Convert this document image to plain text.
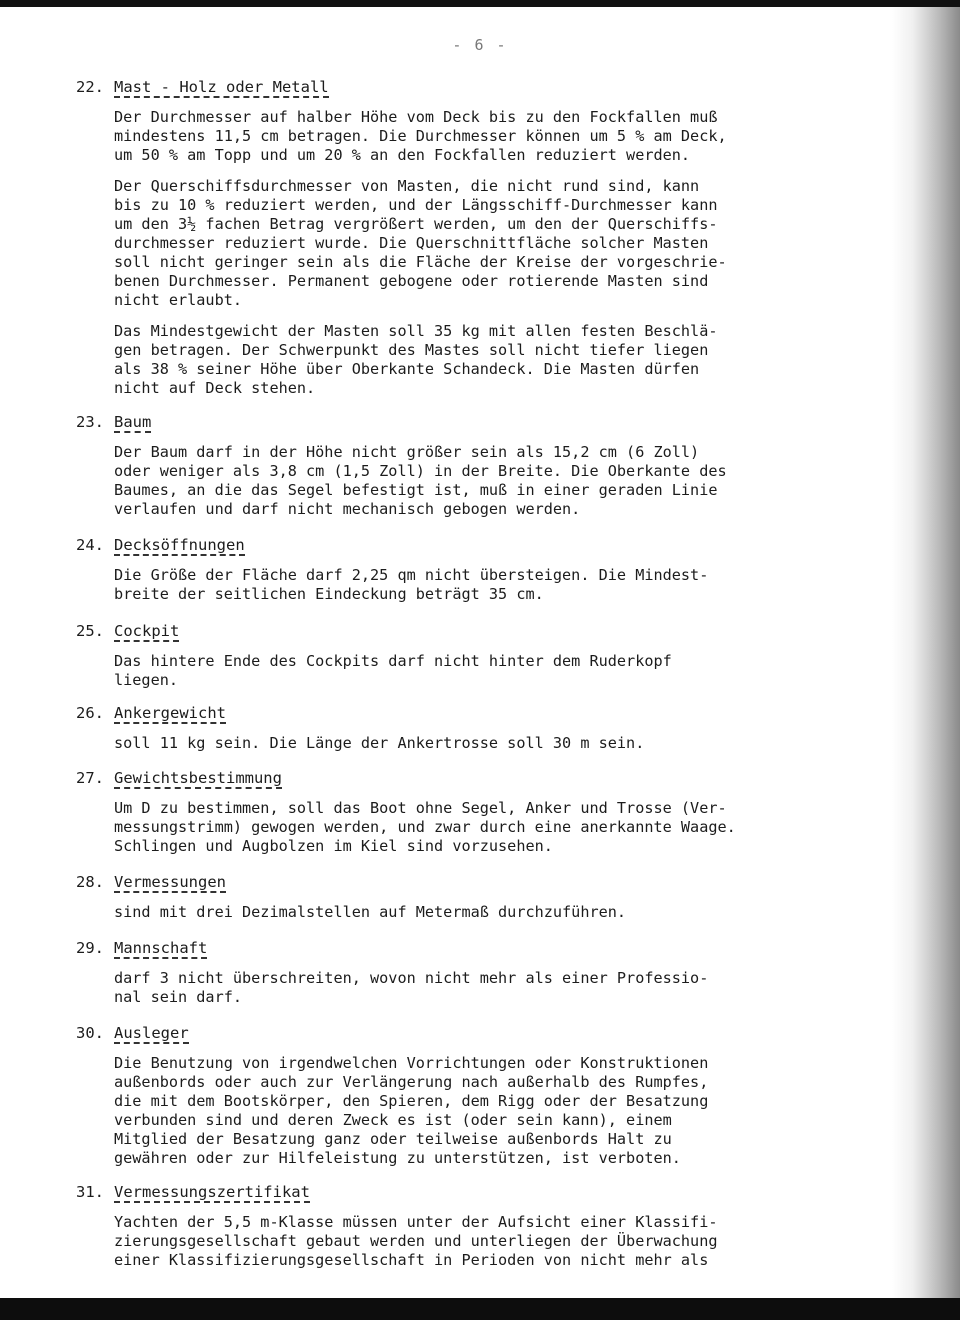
- 6 -
22. Mast - Holz oder Metall
Der Durchmesser auf halber Höhe vom Deck bis zu den Fockfallen muß
mindestens 11,5 cm betragen. Die Durchmesser können um 5 % am Deck,
um 50 % am Topp und um 20 % an den Fockfallen reduziert werden.
Der Querschiffsdurchmesser von Masten, die nicht rund sind, kann
bis zu 10 % reduziert werden, und der Längsschiff-Durchmesser kann
um den 3½ fachen Betrag vergrößert werden, um den der Querschiffs-
durchmesser reduziert wurde. Die Querschnittfläche solcher Masten
soll nicht geringer sein als die Fläche der Kreise der vorgeschrie-
benen Durchmesser. Permanent gebogene oder rotierende Masten sind
nicht erlaubt.
Das Mindestgewicht der Masten soll 35 kg mit allen festen Beschlä-
gen betragen. Der Schwerpunkt des Mastes soll nicht tiefer liegen
als 38 % seiner Höhe über Oberkante Schandeck. Die Masten dürfen
nicht auf Deck stehen.
23. Baum
Der Baum darf in der Höhe nicht größer sein als 15,2 cm (6 Zoll)
oder weniger als 3,8 cm (1,5 Zoll) in der Breite. Die Oberkante des
Baumes, an die das Segel befestigt ist, muß in einer geraden Linie
verlaufen und darf nicht mechanisch gebogen werden.
24. Decksöffnungen
Die Größe der Fläche darf 2,25 qm nicht übersteigen. Die Mindest-
breite der seitlichen Eindeckung beträgt 35 cm.
25. Cockpit
Das hintere Ende des Cockpits darf nicht hinter dem Ruderkopf
liegen.
26. Ankergewicht
soll 11 kg sein. Die Länge der Ankertrosse soll 30 m sein.
27. Gewichtsbestimmung
Um D zu bestimmen, soll das Boot ohne Segel, Anker und Trosse (Ver-
messungstrimm) gewogen werden, und zwar durch eine anerkannte Waage.
Schlingen und Augbolzen im Kiel sind vorzusehen.
28. Vermessungen
sind mit drei Dezimalstellen auf Metermaß durchzuführen.
29. Mannschaft
darf 3 nicht überschreiten, wovon nicht mehr als einer Professio-
nal sein darf.
30. Ausleger
Die Benutzung von irgendwelchen Vorrichtungen oder Konstruktionen
außenbords oder auch zur Verlängerung nach außerhalb des Rumpfes,
die mit dem Bootskörper, den Spieren, dem Rigg oder der Besatzung
verbunden sind und deren Zweck es ist (oder sein kann), einem
Mitglied der Besatzung ganz oder teilweise außenbords Halt zu
gewähren oder zur Hilfeleistung zu unterstützen, ist verboten.
31. Vermessungszertifikat
Yachten der 5,5 m-Klasse müssen unter der Aufsicht einer Klassifi-
zierungsgesellschaft gebaut werden und unterliegen der Überwachung
einer Klassifizierungsgesellschaft in Perioden von nicht mehr als
